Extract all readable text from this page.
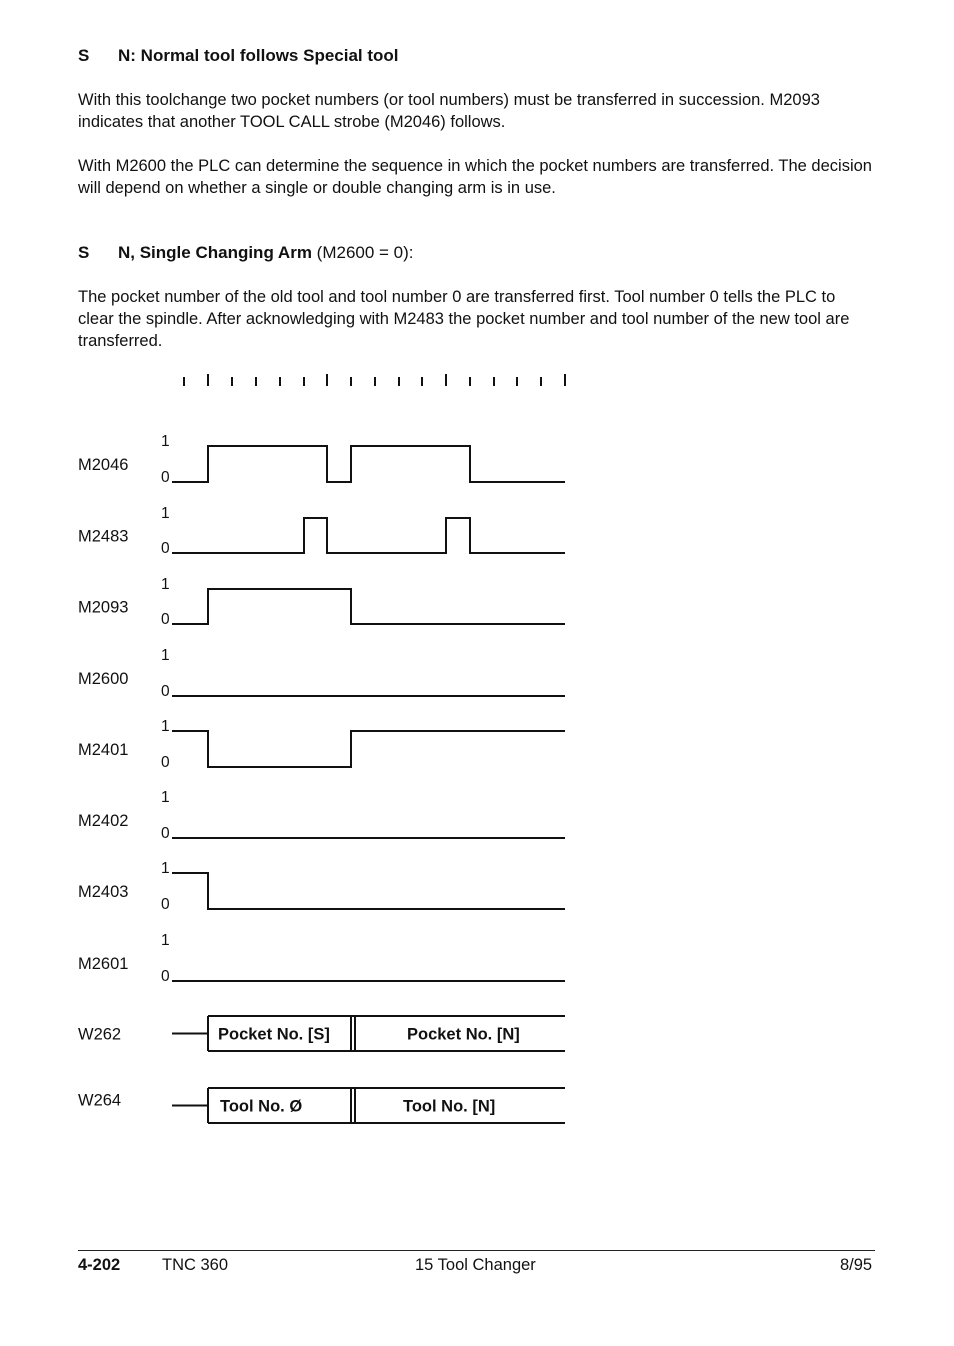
S N: Normal tool follows Special tool
With this toolchange two pocket numbers (or tool numbers) must be transferred in succession. M2093 indicates that another TOOL CALL strobe (M2046) follows.
With M2600 the PLC can determine the sequence in which the pocket numbers are transferred. The decision will depend on whether a single or double changing arm is in use.
S N, Single Changing Arm (M2600 = 0):
The pocket number of the old tool and tool number 0 are transferred first. Tool number 0 tells the PLC to clear the spindle. After acknowledging with M2483 the pocket number and tool number of the new tool are transferred.
M2046
1
0
M2483
1
0
M2093
1
0
M2600
1
0
M2401
1
0
M2402
1
0
M2403
1
0
M2601
1
0
W262	Pocket No. [S]	Pocket No. [N]
W264	Tool No. Ø	Tool No. [N]
4-202	TNC 360	15 Tool Changer	8/95
